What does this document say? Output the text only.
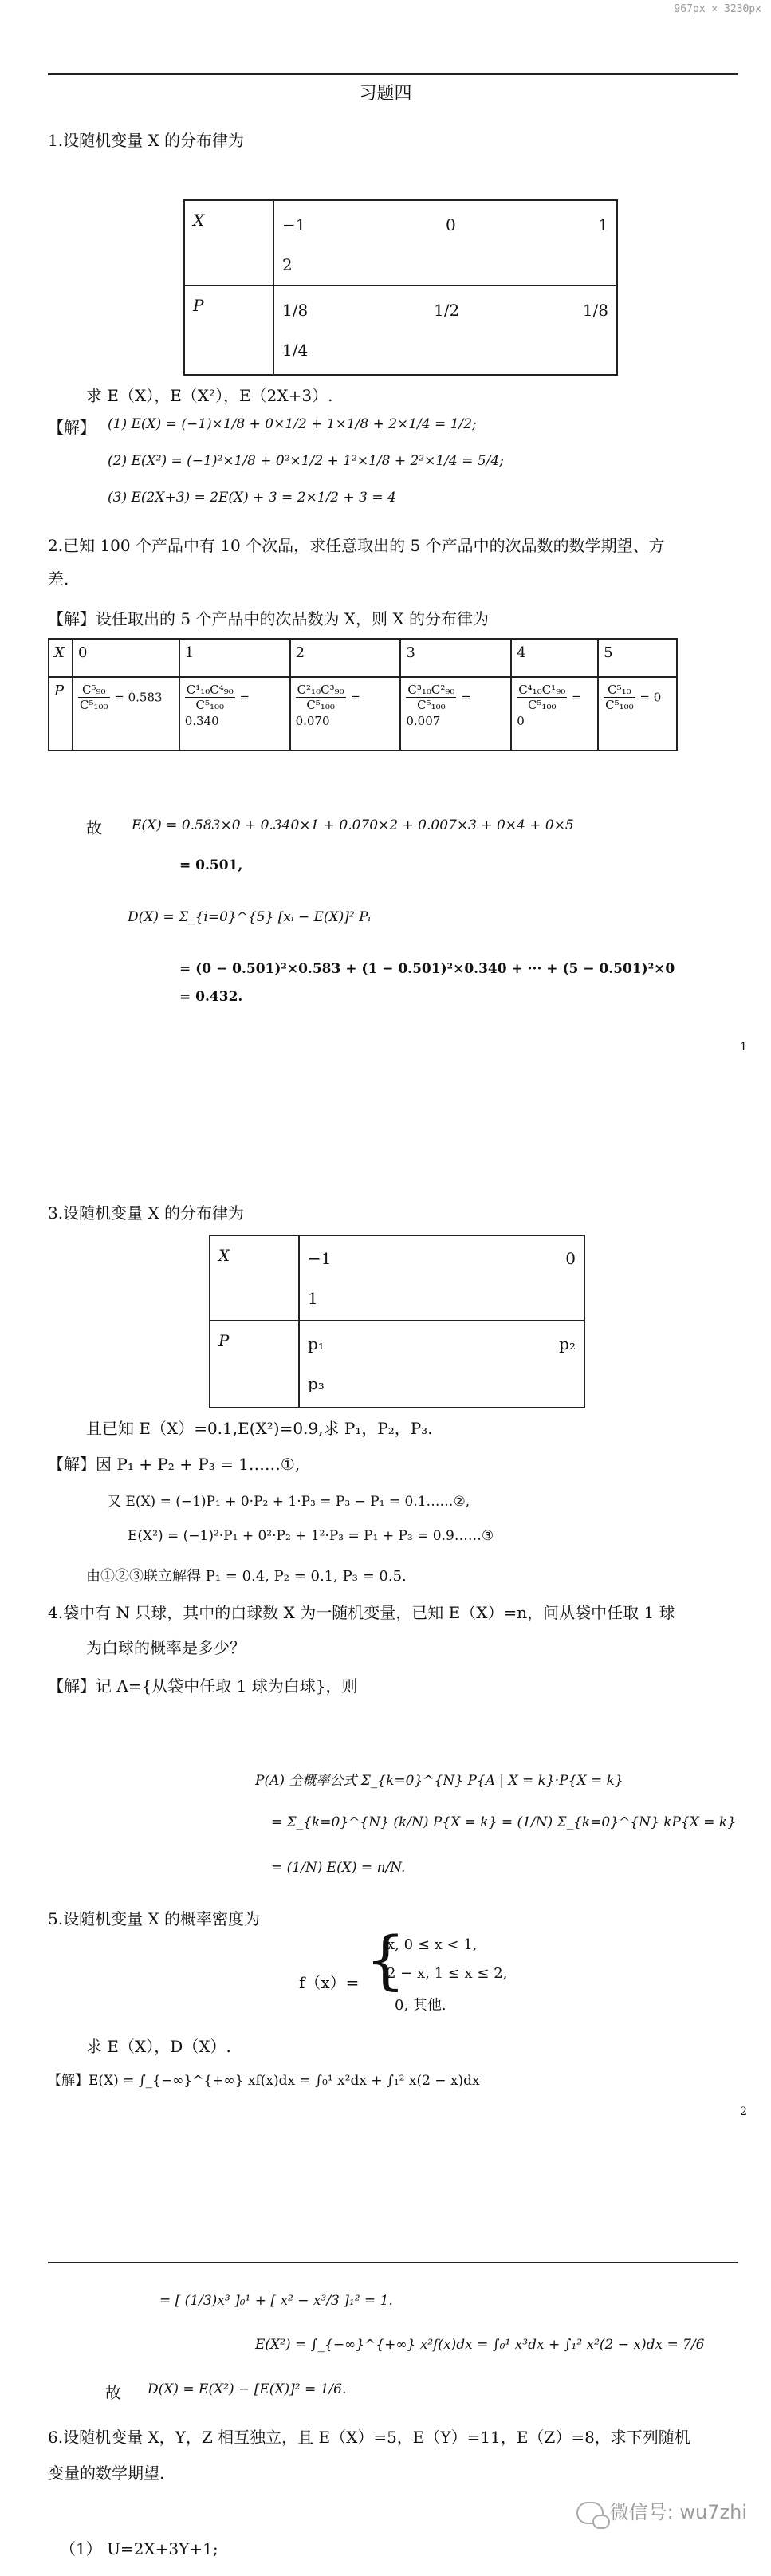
967px × 3230px
习题四
1.设随机变量 X 的分布律为
X	−1 0 1
2

P	1/8 1/2 1/8
1/4
求 E（X），E（X²），E（2X+3）.
【解】 (1) E(X) = (−1)×1/8 + 0×1/2 + 1×1/8 + 2×1/4 = 1/2;
(2) E(X²) = (−1)²×1/8 + 0²×1/2 + 1²×1/8 + 2²×1/4 = 5/4;
(3) E(2X+3) = 2E(X) + 3 = 2×1/2 + 3 = 4
2.已知 100 个产品中有 10 个次品，求任意取出的 5 个产品中的次品数的数学期望、方
差.
【解】设任取出的 5 个产品中的次品数为 X，则 X 的分布律为
X	0	1	2	3	4	5
P	$\frac{\text{C⁵₉₀}}{\text{C⁵₁₀₀}} = 0.583$	$\frac{\text{C¹₁₀C⁴₉₀}}{\text{C⁵₁₀₀}} = 0.340$	$\frac{\text{C²₁₀C³₉₀}}{\text{C⁵₁₀₀}} = 0.070$	$\frac{\text{C³₁₀C²₉₀}}{\text{C⁵₁₀₀}} = 0.007$	$\frac{\text{C⁴₁₀C¹₉₀}}{\text{C⁵₁₀₀}} = 0$	$\frac{\text{C⁵₁₀}}{\text{C⁵₁₀₀}} = 0$
故 E(X) = 0.583×0 + 0.340×1 + 0.070×2 + 0.007×3 + 0×4 + 0×5
= 0.501,
D(X) = Σ_{i=0}^{5} [xᵢ − E(X)]² Pᵢ
= (0 − 0.501)²×0.583 + (1 − 0.501)²×0.340 + ··· + (5 − 0.501)²×0
= 0.432.
1
3.设随机变量 X 的分布律为
X	−1 0
1

P	p₁ p₂
p₃
且已知 E（X）=0.1,E(X²)=0.9,求 P₁，P₂，P₃.
【解】因 P₁ + P₂ + P₃ = 1……①,
又 E(X) = (−1)P₁ + 0·P₂ + 1·P₃ = P₃ − P₁ = 0.1……②,
E(X²) = (−1)²·P₁ + 0²·P₂ + 1²·P₃ = P₁ + P₃ = 0.9……③
由①②③联立解得 P₁ = 0.4, P₂ = 0.1, P₃ = 0.5.
4.袋中有 N 只球，其中的白球数 X 为一随机变量，已知 E（X）=n，问从袋中任取 1 球
为白球的概率是多少？
【解】记 A={从袋中任取 1 球为白球}，则
P(A) 全概率公式 Σ_{k=0}^{N} P{A | X = k}·P{X = k}
= Σ_{k=0}^{N} (k/N) P{X = k} = (1/N) Σ_{k=0}^{N} kP{X = k}
= (1/N) E(X) = n/N.
5.设随机变量 X 的概率密度为
f（x）= {
x, 0 ≤ x < 1,
2 − x, 1 ≤ x ≤ 2,
0, 其他.
求 E（X），D（X）.
【解】E(X) = ∫_{−∞}^{+∞} xf(x)dx = ∫₀¹ x²dx + ∫₁² x(2 − x)dx
2
= [ (1/3)x³ ]₀¹ + [ x² − x³/3 ]₁² = 1.
E(X²) = ∫_{−∞}^{+∞} x²f(x)dx = ∫₀¹ x³dx + ∫₁² x²(2 − x)dx = 7/6
故 D(X) = E(X²) − [E(X)]² = 1/6.
6.设随机变量 X，Y，Z 相互独立，且 E（X）=5，E（Y）=11，E（Z）=8，求下列随机
变量的数学期望.
（1） U=2X+3Y+1;
微信号: wu7zhi
